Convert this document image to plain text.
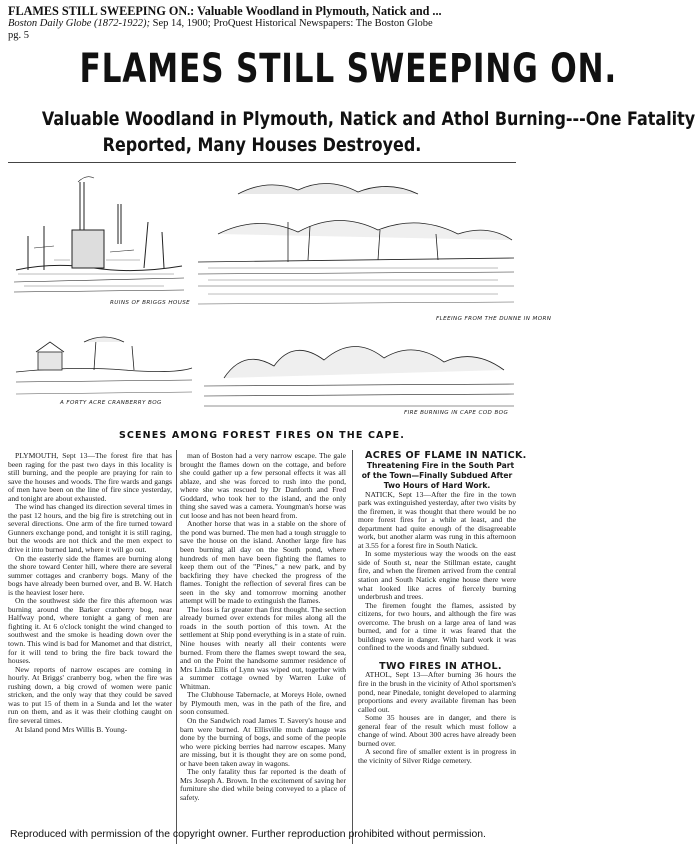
FLAMES STILL SWEEPING ON.: Valuable Woodland in Plymouth, Natick and ...
Boston Daily Globe (1872-1922); Sep 14, 1900; ProQuest Historical Newspapers: The Boston Globe
pg. 5
FLAMES STILL SWEEPING ON.
Valuable Woodland in Plymouth, Natick and Athol Burning---One Fatality
Reported, Many Houses Destroyed.
RUINS OF BRIGGS HOUSE
FLEEING FROM THE DUNNE IN MORN
A FORTY ACRE CRANBERRY BOG
FIRE BURNING IN CAPE COD BOG
SCENES AMONG FOREST FIRES ON THE CAPE.

PLYMOUTH, Sept 13—The forest fire that has been raging for the past two days in this locality is still burning, and the people are praying for rain to save the houses and woods. The fire wards and gangs of men have been on the line of fire since yesterday, and tonight are about exhausted.

The wind has changed its direction several times in the past 12 hours, and the big fire is stretching out in several directions. One arm of the fire turned toward Gunners exchange pond, and tonight it is still raging, but the woods are not thick and the men expect to drive it into burned land, where it will go out.

On the easterly side the flames are burning along the shore toward Center hill, where there are several summer cottages and cranberry bogs. Many of the bogs have already been burned over, and B. W. Hatch is the heaviest loser here.

On the southwest side the fire this afternoon was burning around the Barker cranberry bog, near Halfway pond, where tonight a gang of men are fighting it. At 6 o'clock tonight the wind changed to southwest and the smoke is heading down over the town. This wind is bad for Manomet and that district, for it will tend to bring the fire back toward the houses.

New reports of narrow escapes are coming in hourly. At Briggs' cranberry bog, when the fire was rushing down, a big crowd of women were panic stricken, and the only way that they could be saved was to put 15 of them in a Sunda and let the water run on them, and as it was their clothing caught on fire several times.

At Island pond Mrs Willis B. Young-

man of Boston had a very narrow escape. The gale brought the flames down on the cottage, and before she could gather up a few personal effects it was all ablaze, and she was forced to rush into the pond, where she was rescued by Dr Danforth and Fred Goddard, who took her to the island, and the only thing she saved was a camera. Youngman's horse was cut loose and has not been heard from.

Another horse that was in a stable on the shore of the pond was burned. The men had a tough struggle to save the house on the island. Another large fire has been burning all day on the South pond, where hundreds of men have been fighting the flames to keep them out of the "Pines," a new park, and by backfiring they have checked the progress of the flames. Tonight the reflection of several fires can be seen in the sky and tomorrow morning another attempt will be made to extinguish the flames.

The loss is far greater than first thought. The section already burned over extends for miles along all the roads in the south portion of this town. At the settlement at Ship pond everything is in a state of ruin. Nine houses with nearly all their contents were burned. From there the flames swept toward the sea, and on the Point the handsome summer residence of Mrs Linda Ellis of Lynn was wiped out, together with a summer cottage owned by Warren Luke of Whitman.

The Clubhouse Tabernacle, at Moreys Hole, owned by Plymouth men, was in the path of the fire, and soon consumed.

On the Sandwich road James T. Savery's house and barn were burned. At Ellisville much damage was done by the burning of bogs, and some of the people who were picking berries had narrow escapes. Many are missing, but it is thought they are on some pond, or have been taken away in wagons.

The only fatality thus far reported is the death of Mrs Joseph A. Brown. In the excitement of saving her furniture she died while being conveyed to a place of safety.

ACRES OF FLAME IN NATICK.

Threatening Fire in the South Part of the Town—Finally Subdued After Two Hours of Hard Work.

NATICK, Sept 13—After the fire in the town park was extinguished yesterday, after two visits by the firemen, it was thought that there would be no more forest fires for a while at least, and the department had quite enough of the disagreeable work, but another alarm was rung in this afternoon at 3.55 for a forest fire in South Natick.

In some mysterious way the woods on the east side of South st, near the Stillman estate, caught fire, and when the firemen arrived from the central station and South Natick engine house there were what looked like acres of fiercely burning underbrush and trees.

The firemen fought the flames, assisted by citizens, for two hours, and although the fire was overcome. The brush on a large area of land was burned, and for a time it was feared that the buildings were in danger. With hard work it was confined to the woods and finally subdued.

TWO FIRES IN ATHOL.

ATHOL, Sept 13—After burning 36 hours the fire in the brush in the vicinity of Athol sportsmen's pond, near Pinedale, tonight developed to alarming proportions and every available fireman has been called out.

Some 35 houses are in danger, and there is general fear of the result which must follow a change of wind. About 300 acres have already been burned over.

A second fire of smaller extent is in progress in the vicinity of Silver Ridge cemetery.

Reproduced with permission of the copyright owner. Further reproduction prohibited without permission.
